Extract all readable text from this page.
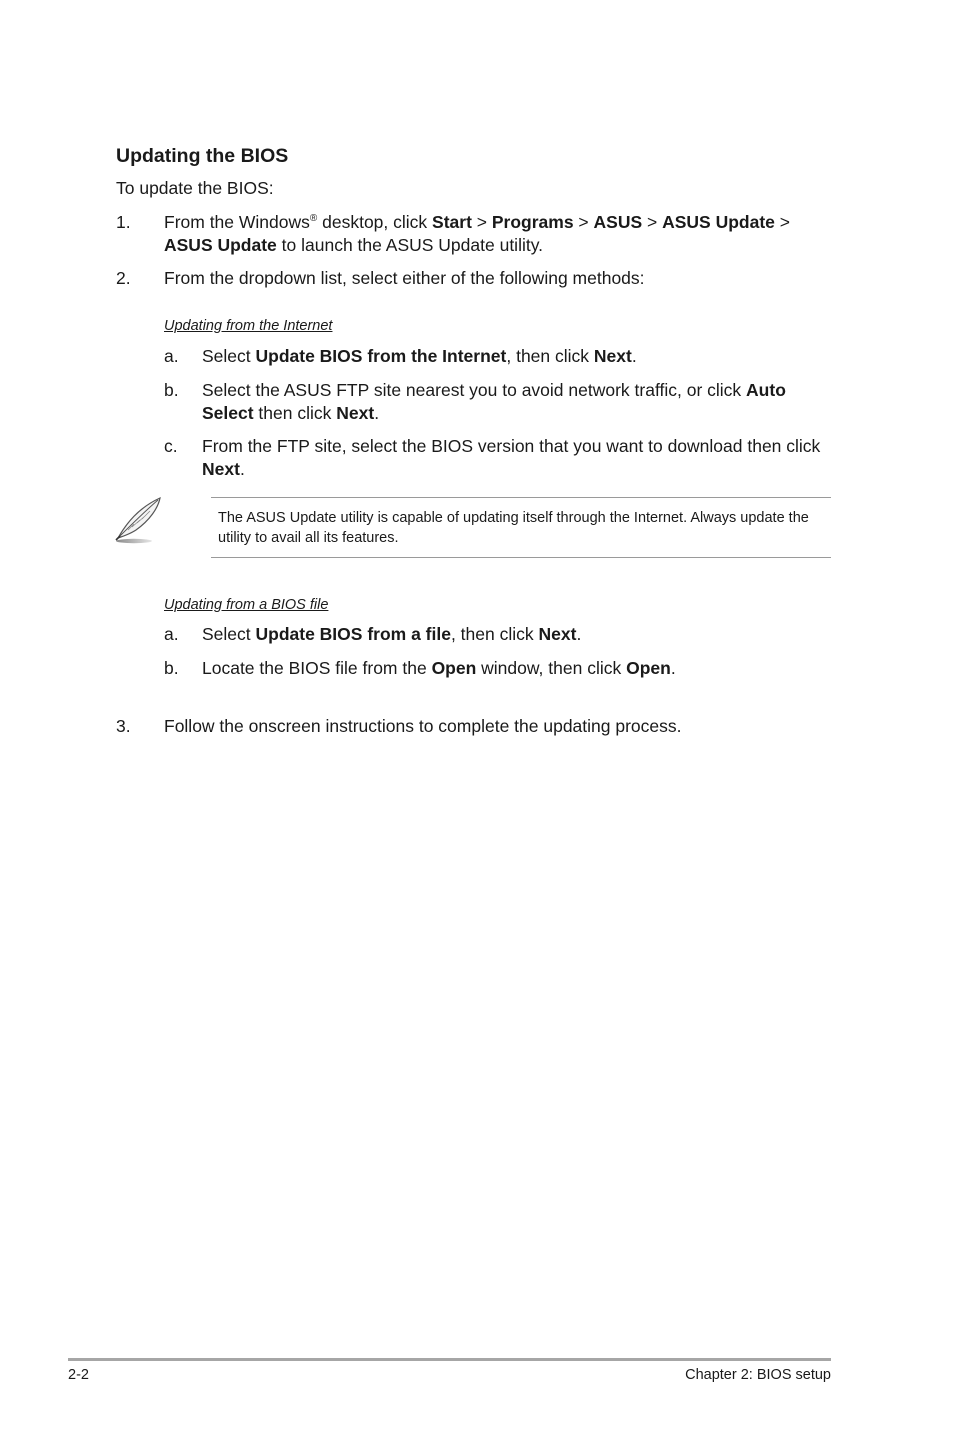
Updating the BIOS
To update the BIOS:
1. From the Windows® desktop, click Start > Programs > ASUS > ASUS Update >
ASUS Update to launch the ASUS Update utility.
2. From the dropdown list, select either of the following methods:
Updating from the Internet
a. Select Update BIOS from the Internet, then click Next.
b. Select the ASUS FTP site nearest you to avoid network traffic, or click Auto
Select then click Next.
c. From the FTP site, select the BIOS version that you want to download then click
Next.
The ASUS Update utility is capable of updating itself through the Internet. Always update the utility to avail all its features.
Updating from a BIOS file
a. Select Update BIOS from a file, then click Next.
b. Locate the BIOS file from the Open window, then click Open.
3. Follow the onscreen instructions to complete the updating process.
2-2	Chapter 2: BIOS setup
